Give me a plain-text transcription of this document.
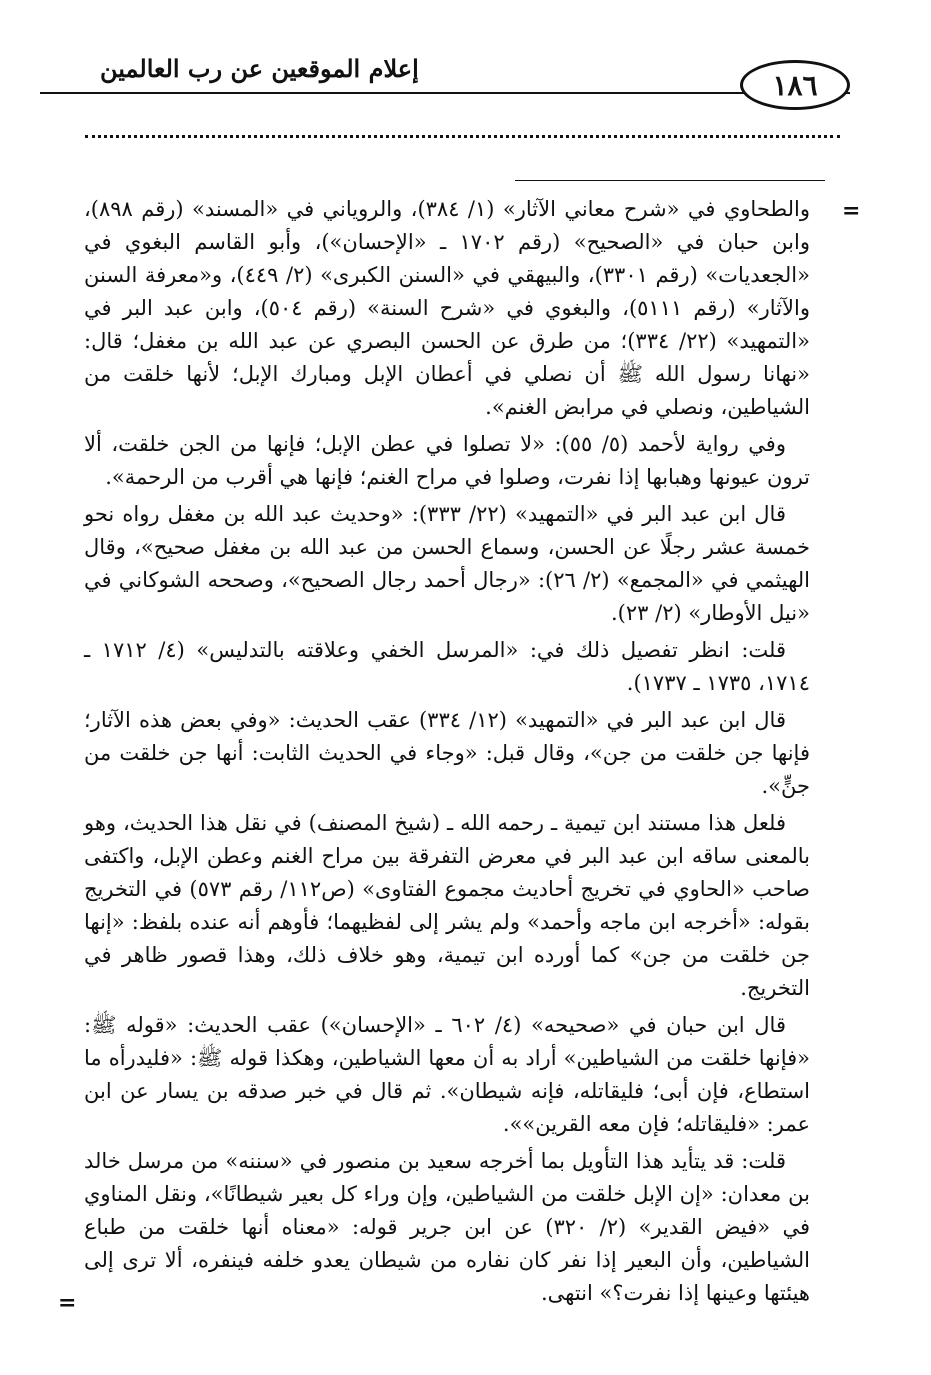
إعلام الموقعين عن رب العالمين	١٨٦
=
=

والطحاوي في «شرح معاني الآثار» (١/ ٣٨٤)، والروياني في «المسند» (رقم ٨٩٨)، وابن حبان في «الصحيح» (رقم ١٧٠٢ ـ «الإحسان»)، وأبو القاسم البغوي في «الجعديات» (رقم ٣٣٠١)، والبيهقي في «السنن الكبرى» (٢/ ٤٤٩)، و«معرفة السنن والآثار» (رقم ٥١١١)، والبغوي في «شرح السنة» (رقم ٥٠٤)، وابن عبد البر في «التمهيد» (٢٢/ ٣٣٤)؛ من طرق عن الحسن البصري عن عبد الله بن مغفل؛ قال: «نهانا رسول الله ﷺ أن نصلي في أعطان الإبل ومبارك الإبل؛ لأنها خلقت من الشياطين، ونصلي في مرابض الغنم».

وفي رواية لأحمد (٥/ ٥٥): «لا تصلوا في عطن الإبل؛ فإنها من الجن خلقت، ألا ترون عيونها وهبابها إذا نفرت، وصلوا في مراح الغنم؛ فإنها هي أقرب من الرحمة».

قال ابن عبد البر في «التمهيد» (٢٢/ ٣٣٣): «وحديث عبد الله بن مغفل رواه نحو خمسة عشر رجلًا عن الحسن، وسماع الحسن من عبد الله بن مغفل صحيح»، وقال الهيثمي في «المجمع» (٢/ ٢٦): «رجال أحمد رجال الصحيح»، وصححه الشوكاني في «نيل الأوطار» (٢/ ٢٣).

قلت: انظر تفصيل ذلك في: «المرسل الخفي وعلاقته بالتدليس» (٤/ ١٧١٢ ـ ١٧١٤، ١٧٣٥ ـ ١٧٣٧).

قال ابن عبد البر في «التمهيد» (١٢/ ٣٣٤) عقب الحديث: «وفي بعض هذه الآثار؛ فإنها جن خلقت من جن»، وقال قبل: «وجاء في الحديث الثابت: أنها جن خلقت من جنٍّ».

فلعل هذا مستند ابن تيمية ـ رحمه الله ـ (شيخ المصنف) في نقل هذا الحديث، وهو بالمعنى ساقه ابن عبد البر في معرض التفرقة بين مراح الغنم وعطن الإبل، واكتفى صاحب «الحاوي في تخريج أحاديث مجموع الفتاوى» (ص١١٢/ رقم ٥٧٣) في التخريج بقوله: «أخرجه ابن ماجه وأحمد» ولم يشر إلى لفظيهما؛ فأوهم أنه عنده بلفظ: «إنها جن خلقت من جن» كما أورده ابن تيمية، وهو خلاف ذلك، وهذا قصور ظاهر في التخريج.

قال ابن حبان في «صحيحه» (٤/ ٦٠٢ ـ «الإحسان») عقب الحديث: «قوله ﷺ: «فإنها خلقت من الشياطين» أراد به أن معها الشياطين، وهكذا قوله ﷺ: «فليدرأه ما استطاع، فإن أبى؛ فليقاتله، فإنه شيطان». ثم قال في خبر صدقه بن يسار عن ابن عمر: «فليقاتله؛ فإن معه القرين»».

قلت: قد يتأيد هذا التأويل بما أخرجه سعيد بن منصور في «سننه» من مرسل خالد بن معدان: «إن الإبل خلقت من الشياطين، وإن وراء كل بعير شيطانًا»، ونقل المناوي في «فيض القدير» (٢/ ٣٢٠) عن ابن جرير قوله: «معناه أنها خلقت من طباع الشياطين، وأن البعير إذا نفر كان نفاره من شيطان يعدو خلفه فينفره، ألا ترى إلى هيئتها وعينها إذا نفرت؟» انتهى.
